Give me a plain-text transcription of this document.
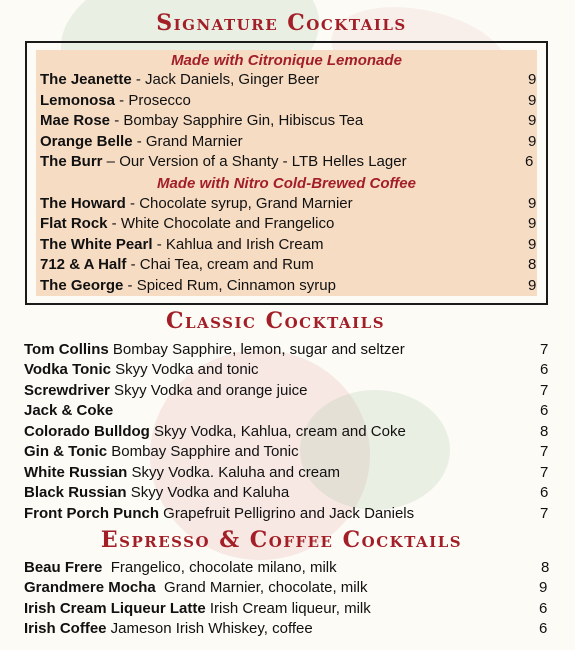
Signature Cocktails
Made with Citronique Lemonade
Made with Nitro Cold-Brewed Coffee
The Jeanette - Jack Daniels, Ginger Beer	9
Lemonosa - Prosecco	9
Mae Rose - Bombay Sapphire Gin, Hibiscus Tea	9
Orange Belle - Grand Marnier	9
The Burr – Our Version of a Shanty - LTB Helles Lager	6
The Howard - Chocolate syrup, Grand Marnier	9
Flat Rock - White Chocolate and Frangelico	9
The White Pearl - Kahlua and Irish Cream	9
712 & A Half - Chai Tea, cream and Rum	8
The George - Spiced Rum, Cinnamon syrup	9
Classic Cocktails
Tom Collins Bombay Sapphire, lemon, sugar and seltzer	7
Vodka Tonic Skyy Vodka and tonic	6
Screwdriver Skyy Vodka and orange juice	7
Jack & Coke	6
Colorado Bulldog Skyy Vodka, Kahlua, cream and Coke	8
Gin & Tonic Bombay Sapphire and Tonic	7
White Russian Skyy Vodka. Kaluha and cream	7
Black Russian Skyy Vodka and Kaluha	6
Front Porch Punch Grapefruit Pelligrino and Jack Daniels	7
Espresso & Coffee Cocktails
Beau Frere  Frangelico, chocolate milano, milk	8
Grandmere Mocha  Grand Marnier, chocolate, milk	9
Irish Cream Liqueur Latte Irish Cream liqueur, milk	6
Irish Coffee Jameson Irish Whiskey, coffee	6
